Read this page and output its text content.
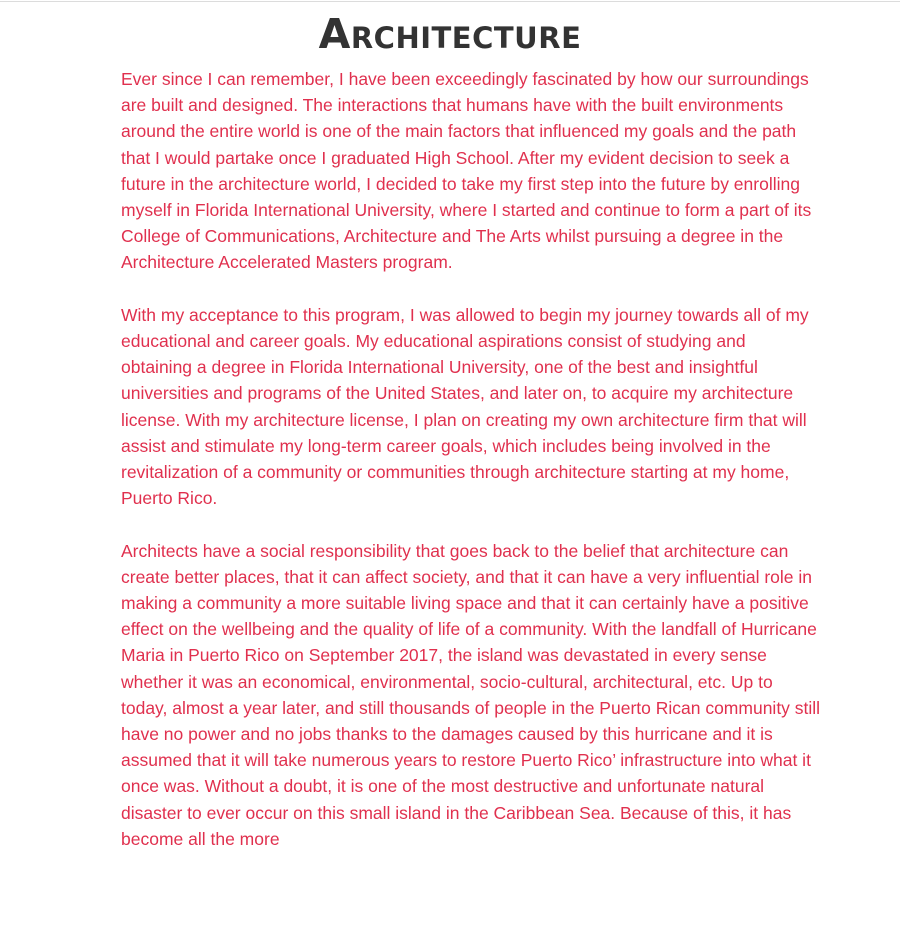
Architecture

Ever since I can remember, I have been exceedingly fascinated by how our surroundings are built and designed. The interactions that humans have with the built environments around the entire world is one of the main factors that influenced my goals and the path that I would partake once I graduated High School. After my evident decision to seek a future in the architecture world, I decided to take my first step into the future by enrolling myself in Florida International University, where I started and continue to form a part of its College of Communications, Architecture and The Arts whilst pursuing a degree in the Architecture Accelerated Masters program.

With my acceptance to this program, I was allowed to begin my journey towards all of my educational and career goals. My educational aspirations consist of studying and obtaining a degree in Florida International University, one of the best and insightful universities and programs of the United States, and later on, to acquire my architecture license. With my architecture license, I plan on creating my own architecture firm that will assist and stimulate my long-term career goals, which includes being involved in the revitalization of a community or communities through architecture starting at my home, Puerto Rico.

Architects have a social responsibility that goes back to the belief that architecture can create better places, that it can affect society, and that it can have a very influential role in making a community a more suitable living space and that it can certainly have a positive effect on the wellbeing and the quality of life of a community. With the landfall of Hurricane Maria in Puerto Rico on September 2017, the island was devastated in every sense whether it was an economical, environmental, socio-cultural, architectural, etc. Up to today, almost a year later, and still thousands of people in the Puerto Rican community still have no power and no jobs thanks to the damages caused by this hurricane and it is assumed that it will take numerous years to restore Puerto Rico’ infrastructure into what it once was. Without a doubt, it is one of the most destructive and unfortunate natural disaster to ever occur on this small island in the Caribbean Sea. Because of this, it has become all the more
